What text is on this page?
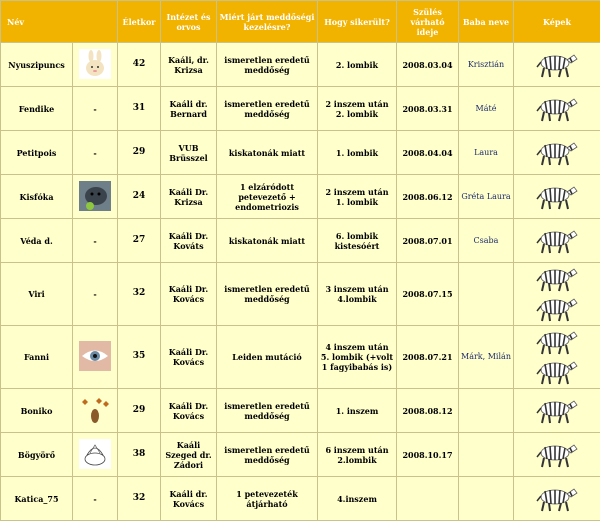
Név		Életkor	Intézet és orvos	Miért járt meddőségi kezelésre?	Hogy sikerült?	Szülés várható ideje	Baba neve	Képek
Nyuszipuncs		42	Kaáli, dr. Krizsa	ismeretlen eredetű meddőség	2. lombik	2008.03.04	Krisztián	
Fendike	-	31	Kaáli dr. Bernard	ismeretlen eredetű meddőség	2 inszem után 2. lombik	2008.03.31	Máté	
Petitpois	-	29	VUB Brüsszel	kiskatonák miatt	1. lombik	2008.04.04	Laura	
Kisfóka		24	Kaáli Dr. Krizsa	1 elzáródott petevezető + endometriozis	2 inszem után 1. lombik	2008.06.12	Gréta Laura	
Véda d.	-	27	Kaáli Dr. Kováts	kiskatonák miatt	6. lombik kistesóért	2008.07.01	Csaba	
Viri	-	32	Kaáli Dr. Kovács	ismeretlen eredetű meddőség	3 inszem után 4.lombik	2008.07.15		
Fanni		35	Kaáli Dr. Kovács	Leiden mutáció	4 inszem után 5. lombik (+volt 1 fagyibabás is)	2008.07.21	Márk, Milán	
Boniko		29	Kaáli Dr. Kovács	ismeretlen eredetű meddőség	1. inszem	2008.08.12		
Bögyörő		38	Kaáli Szeged dr. Zádori	ismeretlen eredetű meddőség	6 inszem után 2.lombik	2008.10.17		
Katica_75	-	32	Kaáli dr. Kovács	1 petevezeték átjárható	4.inszem			
